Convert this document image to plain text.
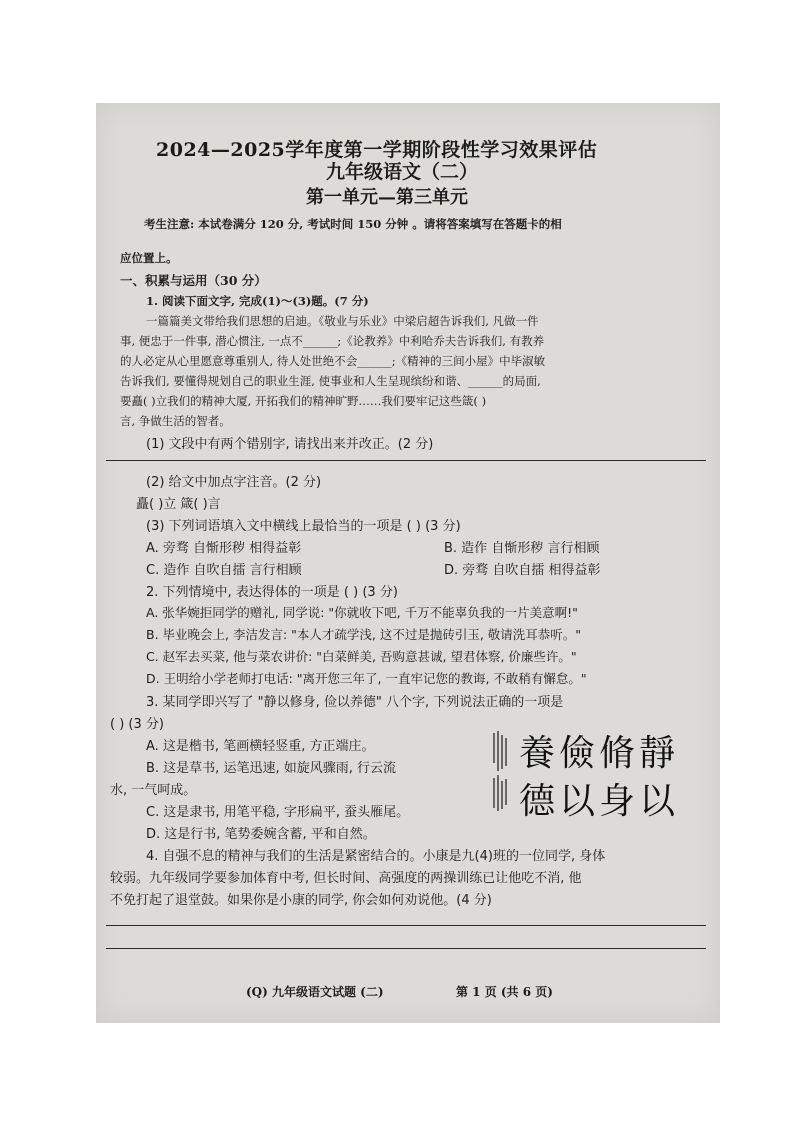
2024—2025学年度第一学期阶段性学习效果评估
九年级语文（二）
第一单元—第三单元
考生注意: 本试卷满分 120 分, 考试时间 150 分钟 。请将答案填写在答题卡的相
应位置上。
一、积累与运用（30 分）
1. 阅读下面文字, 完成(1)～(3)题。(7 分)
一篇篇美文带给我们思想的启迪。《敬业与乐业》中梁启超告诉我们, 凡做一件
事, 便忠于一件事, 潜心惯注, 一点不______;《论教养》中利哈乔夫告诉我们, 有教养
的人必定从心里愿意尊重别人, 待人处世绝不会______;《精神的三间小屋》中毕淑敏
告诉我们, 要懂得规划自己的职业生涯, 使事业和人生呈现缤纷和谐、______的局面,
要矗( )立我们的精神大厦, 开拓我们的精神旷野……我们要牢记这些箴( )
言, 争做生活的智者。
(1) 文段中有两个错别字, 请找出来并改正。(2 分)
(2) 给文中加点字注音。(2 分)
矗( )立 箴( )言
(3) 下列词语填入文中横线上最恰当的一项是 ( ) (3 分)
A. 旁骛 自惭形秽 相得益彰	B. 造作 自惭形秽 言行相顾
C. 造作 自吹自擂 言行相顾	D. 旁骛 自吹自擂 相得益彰
2. 下列情境中, 表达得体的一项是 ( ) (3 分)
A. 张华婉拒同学的赠礼, 同学说: "你就收下吧, 千万不能辜负我的一片美意啊!"
B. 毕业晚会上, 李洁发言: "本人才疏学浅, 这不过是抛砖引玉, 敬请洗耳恭听。"
C. 赵军去买菜, 他与菜农讲价: "白菜鲜美, 吾购意甚诚, 望君体察, 价廉些许。"
D. 王明给小学老师打电话: "离开您三年了, 一直牢记您的教诲, 不敢稍有懈怠。"
3. 某同学即兴写了 "静以修身, 俭以养德" 八个字, 下列说法正确的一项是
( ) (3 分)
A. 这是楷书, 笔画横轻竖重, 方正端庄。
B. 这是草书, 运笔迅速, 如旋风骤雨, 行云流
水, 一气呵成。
C. 这是隶书, 用笔平稳, 字形扁平, 蚕头雁尾。
D. 这是行书, 笔势委婉含蓄, 平和自然。
養儉脩靜
德以身以
4. 自强不息的精神与我们的生活是紧密结合的。小康是九(4)班的一位同学, 身体
较弱。九年级同学要参加体育中考, 但长时间、高强度的两操训练已让他吃不消, 他
不免打起了退堂鼓。如果你是小康的同学, 你会如何劝说他。(4 分)
(Q) 九年级语文试题 (二)	第 1 页 (共 6 页)
